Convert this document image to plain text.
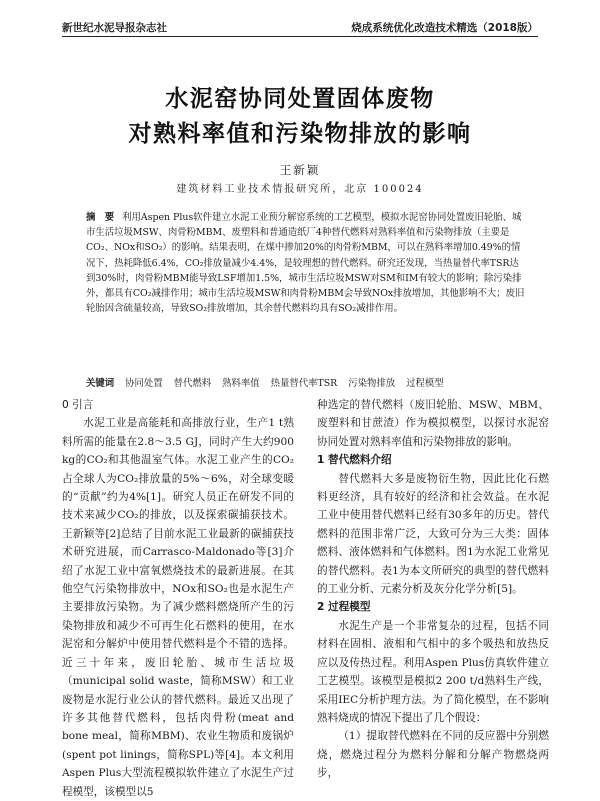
新世纪水泥导报杂志社	烧成系统优化改造技术精选（2018版）
水泥窑协同处置固体废物
对熟料率值和污染物排放的影响
王新颖
建筑材料工业技术情报研究所，北京 100024
摘　要 利用Aspen Plus软件建立水泥工业预分解窑系统的工艺模型，模拟水泥窑协同处置废旧轮胎、城市生活垃圾MSW、肉骨粉MBM、废塑料和普通造纸厂4种替代燃料对熟料率值和污染物排放（主要是CO₂、NOx和SO₂）的影响。结果表明，在煤中掺加20%的肉骨粉MBM，可以在熟料率增加0.49%的情况下，热耗降低6.4%，CO₂排放量减少4.4%，是较理想的替代燃料。研究还发现，当热量替代率TSR达到30%时，肉骨粉MBM能导致LSF增加1.5%，城市生活垃圾MSW对SM和IM有较大的影响；除污染排外，都具有CO₂减排作用；城市生活垃圾MSW和肉骨粉MBM会导致NOx排放增加，其他影响不大；废旧轮胎因含硫量较高，导致SO₂排放增加，其余替代燃料均具有SO₂减排作用。
关键词 协同处置 替代燃料 熟料率值 热量替代率TSR 污染物排放 过程模型

0 引言

水泥工业是高能耗和高排放行业，生产1 t熟料所需的能量在2.8～3.5 GJ，同时产生大约900 kg的CO₂和其他温室气体。水泥工业产生的CO₂占全球人为CO₂排放量的5%～6%，对全球变暖的“贡献”约为4%[1]。研究人员正在研发不同的技术来减少CO₂的排放，以及探索碳捕获技术。王新颖等[2]总结了目前水泥工业最新的碳捕获技术研究进展，而Carrasco-Maldonado等[3]介绍了水泥工业中富氧燃烧技术的最新进展。在其他空气污染物排放中，NOx和SO₂也是水泥生产主要排放污染物。为了减少燃料燃烧所产生的污染物排放和减少不可再生化石燃料的使用，在水泥窑和分解炉中使用替代燃料是个不错的选择。近三十年来，废旧轮胎、城市生活垃圾（municipal solid waste，简称MSW）和工业废物是水泥行业公认的替代燃料。最近又出现了许多其他替代燃料，包括肉骨粉(meat and bone meal，简称MBM)、农业生物质和废锅炉(spent pot linings，简称SPL)等[4]。本文利用Aspen Plus大型流程模拟软件建立了水泥生产过程模型，该模型以5

种选定的替代燃料（废旧轮胎、MSW、MBM、废塑料和甘蔗渣）作为模拟模型，以探讨水泥窑协同处置对熟料率值和污染物排放的影响。

1 替代燃料介绍

替代燃料大多是废物衍生物，因此比化石燃料更经济，具有较好的经济和社会效益。在水泥工业中使用替代燃料已经有30多年的历史。替代燃料的范围非常广泛，大致可分为三大类：固体燃料、液体燃料和气体燃料。图1为水泥工业常见的替代燃料。表1为本文所研究的典型的替代燃料的工业分析、元素分析及灰分化学分析[5]。

2 过程模型

水泥生产是一个非常复杂的过程，包括不同材料在固相、液相和气相中的多个吸热和放热反应以及传热过程。利用Aspen Plus仿真软件建立工艺模型。该模型是模拟2 200 t/d熟料生产线，采用IEC分析护理方法。为了简化模型，在不影响熟料烧成的情况下提出了几个假设：

（1）提取替代燃料在不同的反应器中分别燃烧，燃烧过程分为燃料分解和分解产物燃烧两步，
